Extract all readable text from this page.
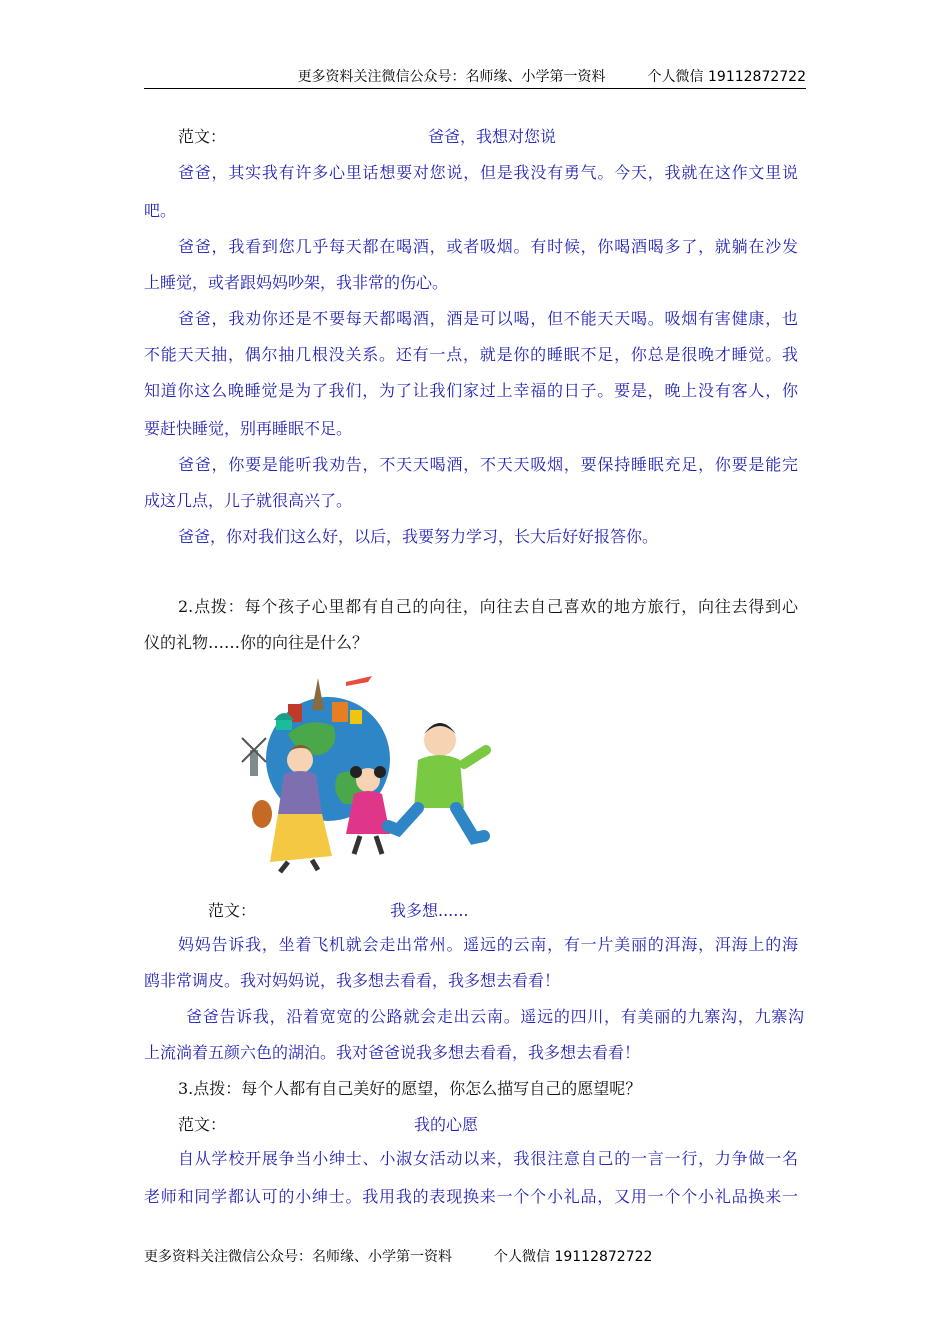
更多资料关注微信公众号：名师缘、小学第一资料　　　个人微信 19112872722
范文：	爸爸，我想对您说
爸爸，其实我有许多心里话想要对您说，但是我没有勇气。今天，我就在这作文里说
吧。
爸爸，我看到您几乎每天都在喝酒，或者吸烟。有时候，你喝酒喝多了，就躺在沙发
上睡觉，或者跟妈妈吵架，我非常的伤心。
爸爸，我劝你还是不要每天都喝酒，酒是可以喝，但不能天天喝。吸烟有害健康，也
不能天天抽，偶尔抽几根没关系。还有一点，就是你的睡眠不足，你总是很晚才睡觉。我
知道你这么晚睡觉是为了我们，为了让我们家过上幸福的日子。要是，晚上没有客人，你
要赶快睡觉，别再睡眠不足。
爸爸，你要是能听我劝告，不天天喝酒，不天天吸烟，要保持睡眠充足，你要是能完
成这几点，儿子就很高兴了。
爸爸，你对我们这么好，以后，我要努力学习，长大后好好报答你。
2.点拨：每个孩子心里都有自己的向往，向往去自己喜欢的地方旅行，向往去得到心
仪的礼物……你的向往是什么？
范文：	我多想......
妈妈告诉我，坐着飞机就会走出常州。遥远的云南，有一片美丽的洱海，洱海上的海
鸥非常调皮。我对妈妈说，我多想去看看，我多想去看看！
爸爸告诉我，沿着宽宽的公路就会走出云南。遥远的四川，有美丽的九寨沟，九寨沟
上流淌着五颜六色的湖泊。我对爸爸说我多想去看看，我多想去看看！
3.点拨：每个人都有自己美好的愿望，你怎么描写自己的愿望呢？
范文：	我的心愿
自从学校开展争当小绅士、小淑女活动以来，我很注意自己的一言一行，力争做一名
老师和同学都认可的小绅士。我用我的表现换来一个个小礼品，又用一个个小礼品换来一
更多资料关注微信公众号：名师缘、小学第一资料　　　个人微信 19112872722
